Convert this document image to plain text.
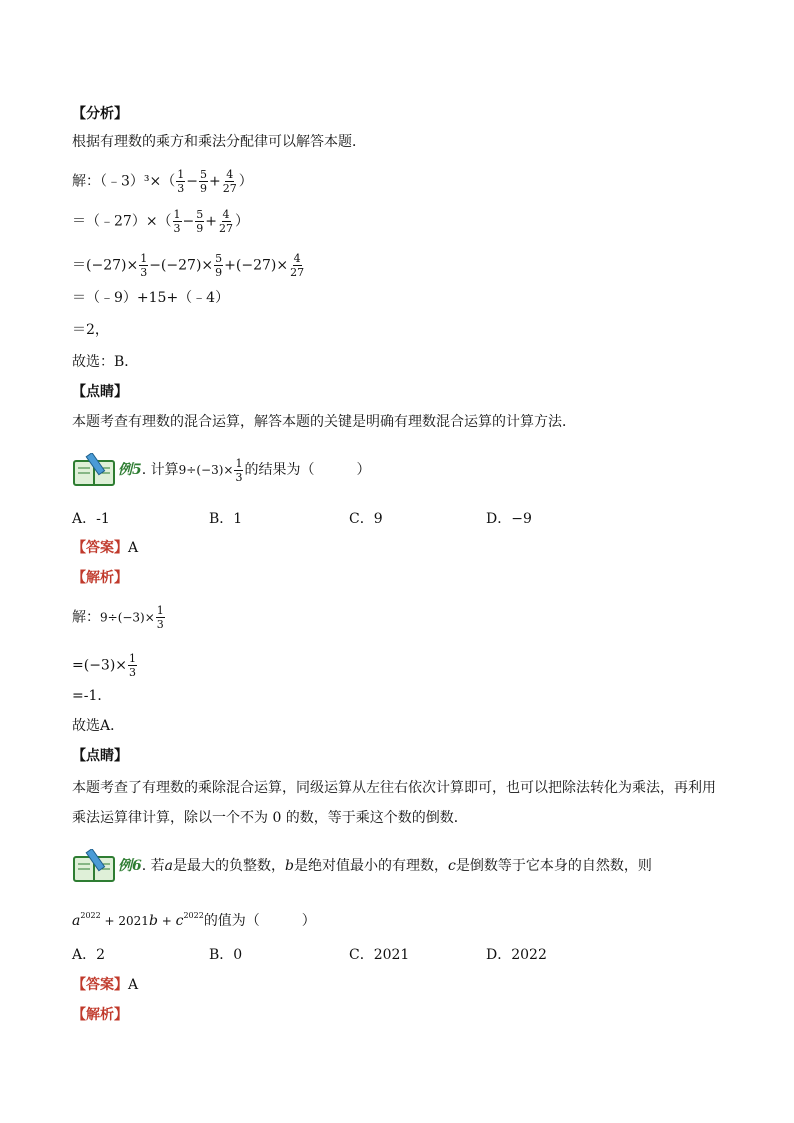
【分析】
根据有理数的乘方和乘法分配律可以解答本题．
解：（﹣3）³×（ $\frac{1}{3} - \frac{5}{9} + \frac{4}{27}$ ）
＝（﹣27）×（ $\frac{1}{3} - \frac{5}{9} + \frac{4}{27}$ ）
$=(-27)\times \frac{1}{3} -(-27)\times \frac{5}{9} +(-27)\times \frac{4}{27}$
＝（﹣9）+15+（﹣4）
＝2，
故选：B．
【点睛】
本题考查有理数的混合运算，解答本题的关键是明确有理数混合运算的计算方法．
例5. 计算$9\div(-3)\times \frac{1}{3}$ 的结果为（　　　）
A．-1	B．1	C．9	D．−9
【答案】A
【解析】
解：$9\div(-3)\times \frac{1}{3}$
$=(-3)\times \frac{1}{3}$
=-1．
故选A．
【点睛】
本题考查了有理数的乘除混合运算，同级运算从左往右依次计算即可，也可以把除法转化为乘法，再利用
乘法运算律计算，除以一个不为 0 的数，等于乘这个数的倒数．
例6. 若a是最大的负整数，b是绝对值最小的有理数，c是倒数等于它本身的自然数，则
$a^{2022} + 2021b + c^{2022}$的值为（　　　）
A．2	B．0	C．2021	D．2022
【答案】A
【解析】
